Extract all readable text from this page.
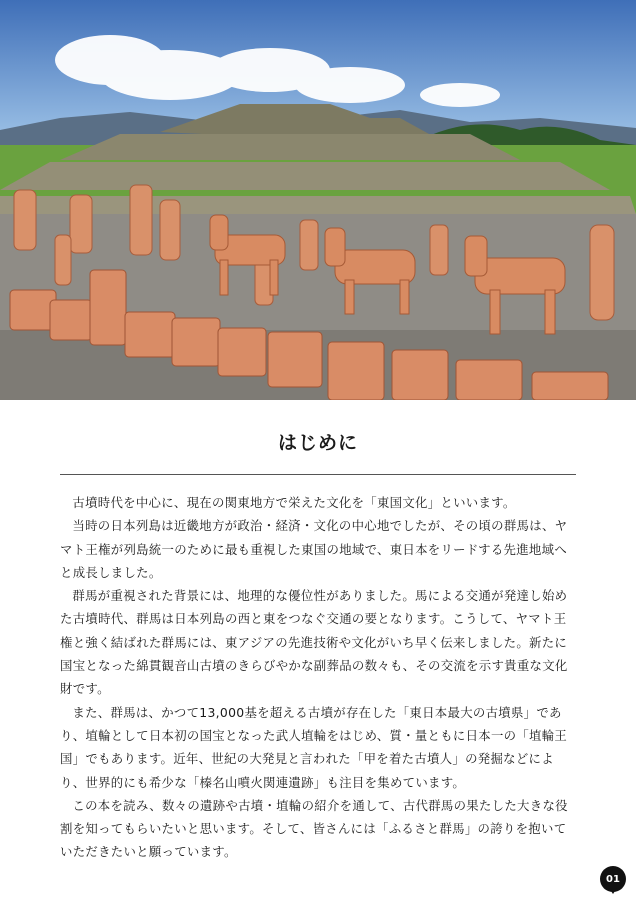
はじめに

古墳時代を中心に、現在の関東地方で栄えた文化を「東国文化」といいます。

当時の日本列島は近畿地方が政治・経済・文化の中心地でしたが、その頃の群馬は、ヤマト王権が列島統一のために最も重視した東国の地域で、東日本をリードする先進地域へと成長しました。

群馬が重視された背景には、地理的な優位性がありました。馬による交通が発達し始めた古墳時代、群馬は日本列島の西と東をつなぐ交通の要となります。こうして、ヤマト王権と強く結ばれた群馬には、東アジアの先進技術や文化がいち早く伝来しました。新たに国宝となった綿貫観音山古墳のきらびやかな副葬品の数々も、その交流を示す貴重な文化財です。

また、群馬は、かつて13,000基を超える古墳が存在した「東日本最大の古墳県」であり、埴輪として日本初の国宝となった武人埴輪をはじめ、質・量ともに日本一の「埴輪王国」でもあります。近年、世紀の大発見と言われた「甲を着た古墳人」の発掘などにより、世界的にも希少な「榛名山噴火関連遺跡」も注目を集めています。

この本を読み、数々の遺跡や古墳・埴輪の紹介を通して、古代群馬の果たした大きな役割を知ってもらいたいと思います。そして、皆さんには「ふるさと群馬」の誇りを抱いていただきたいと願っています。

01
